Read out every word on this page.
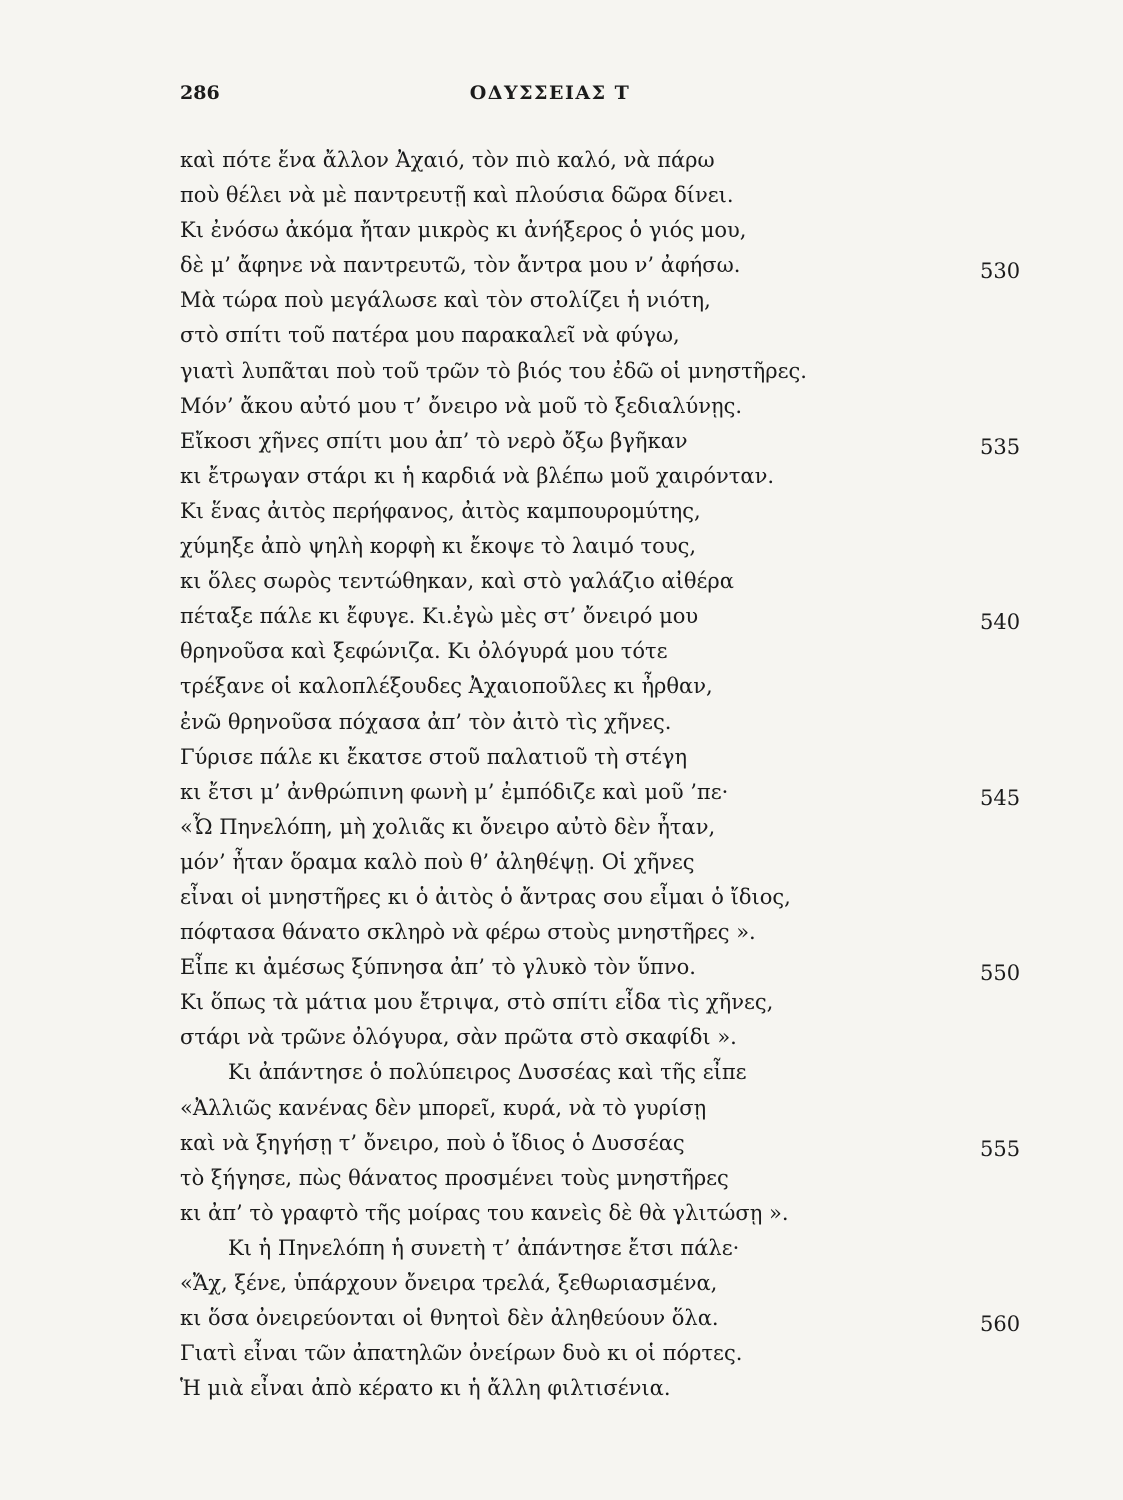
286	ΟΔΥΣΣΕΙΑΣ Τ
καὶ πότε ἕνα ἄλλον Ἀχαιό, τὸν πιὸ καλό, νὰ πάρω
ποὺ θέλει νὰ μὲ παντρευτῇ καὶ πλούσια δῶρα δίνει.
Κι ἐνόσω ἀκόμα ἤταν μικρὸς κι ἀνήξερος ὁ γιός μου,
δὲ μ’ ἄφηνε νὰ παντρευτῶ, τὸν ἄντρα μου ν’ ἀφήσω.	530
Μὰ τώρα ποὺ μεγάλωσε καὶ τὸν στολίζει ἡ νιότη,
στὸ σπίτι τοῦ πατέρα μου παρακαλεῖ νὰ φύγω,
γιατὶ λυπᾶται ποὺ τοῦ τρῶν τὸ βιός του ἐδῶ οἱ μνηστῆρες.
Μόν’ ἄκου αὐτό μου τ’ ὄνειρο νὰ μοῦ τὸ ξεδιαλύνῃς.
Εἴκοσι χῆνες σπίτι μου ἀπ’ τὸ νερὸ ὄξω βγῆκαν	535
κι ἔτρωγαν στάρι κι ἡ καρδιά νὰ βλέπω μοῦ χαιρόνταν.
Κι ἕνας ἀιτὸς περήφανος, ἀιτὸς καμπουρομύτης,
χύμηξε ἀπὸ ψηλὴ κορφὴ κι ἔκοψε τὸ λαιμό τους,
κι ὅλες σωρὸς τεντώθηκαν, καὶ στὸ γαλάζιο αἰθέρα
πέταξε πάλε κι ἔφυγε. Κι.ἐγὼ μὲς στ’ ὄνειρό μου	540
θρηνοῦσα καὶ ξεφώνιζα. Κι ὀλόγυρά μου τότε
τρέξανε οἱ καλοπλέξουδες Ἀχαιοποῦλες κι ἦρθαν,
ἐνῶ θρηνοῦσα πόχασα ἀπ’ τὸν ἀιτὸ τὶς χῆνες.
Γύρισε πάλε κι ἔκατσε στοῦ παλατιοῦ τὴ στέγη
κι ἔτσι μ’ ἀνθρώπινη φωνὴ μ’ ἐμπόδιζε καὶ μοῦ ’πε·	545
«Ὦ Πηνελόπη, μὴ χολιᾶς κι ὄνειρο αὐτὸ δὲν ἦταν,
μόν’ ἦταν ὅραμα καλὸ ποὺ θ’ ἀληθέψῃ. Οἱ χῆνες
εἶναι οἱ μνηστῆρες κι ὁ ἀιτὸς ὁ ἄντρας σου εἶμαι ὁ ἴδιος,
πόφτασα θάνατο σκληρὸ νὰ φέρω στοὺς μνηστῆρες ».
Εἶπε κι ἀμέσως ξύπνησα ἀπ’ τὸ γλυκὸ τὸν ὕπνο.	550
Κι ὅπως τὰ μάτια μου ἔτριψα, στὸ σπίτι εἶδα τὶς χῆνες,
στάρι νὰ τρῶνε ὀλόγυρα, σὰν πρῶτα στὸ σκαφίδι ».
Κι ἀπάντησε ὁ πολύπειρος Δυσσέας καὶ τῆς εἶπε
«Ἀλλιῶς κανένας δὲν μπορεῖ, κυρά, νὰ τὸ γυρίσῃ
καὶ νὰ ξηγήσῃ τ’ ὄνειρο, ποὺ ὁ ἴδιος ὁ Δυσσέας	555
τὸ ξήγησε, πὼς θάνατος προσμένει τοὺς μνηστῆρες
κι ἀπ’ τὸ γραφτὸ τῆς μοίρας του κανεὶς δὲ θὰ γλιτώσῃ ».
Κι ἡ Πηνελόπη ἡ συνετὴ τ’ ἀπάντησε ἔτσι πάλε·
«Ἄχ, ξένε, ὑπάρχουν ὄνειρα τρελά, ξεθωριασμένα,
κι ὅσα ὀνειρεύονται οἱ θνητοὶ δὲν ἀληθεύουν ὅλα.	560
Γιατὶ εἶναι τῶν ἀπατηλῶν ὀνείρων δυὸ κι οἱ πόρτες.
Ἡ μιὰ εἶναι ἀπὸ κέρατο κι ἡ ἄλλη φιλτισένια.
